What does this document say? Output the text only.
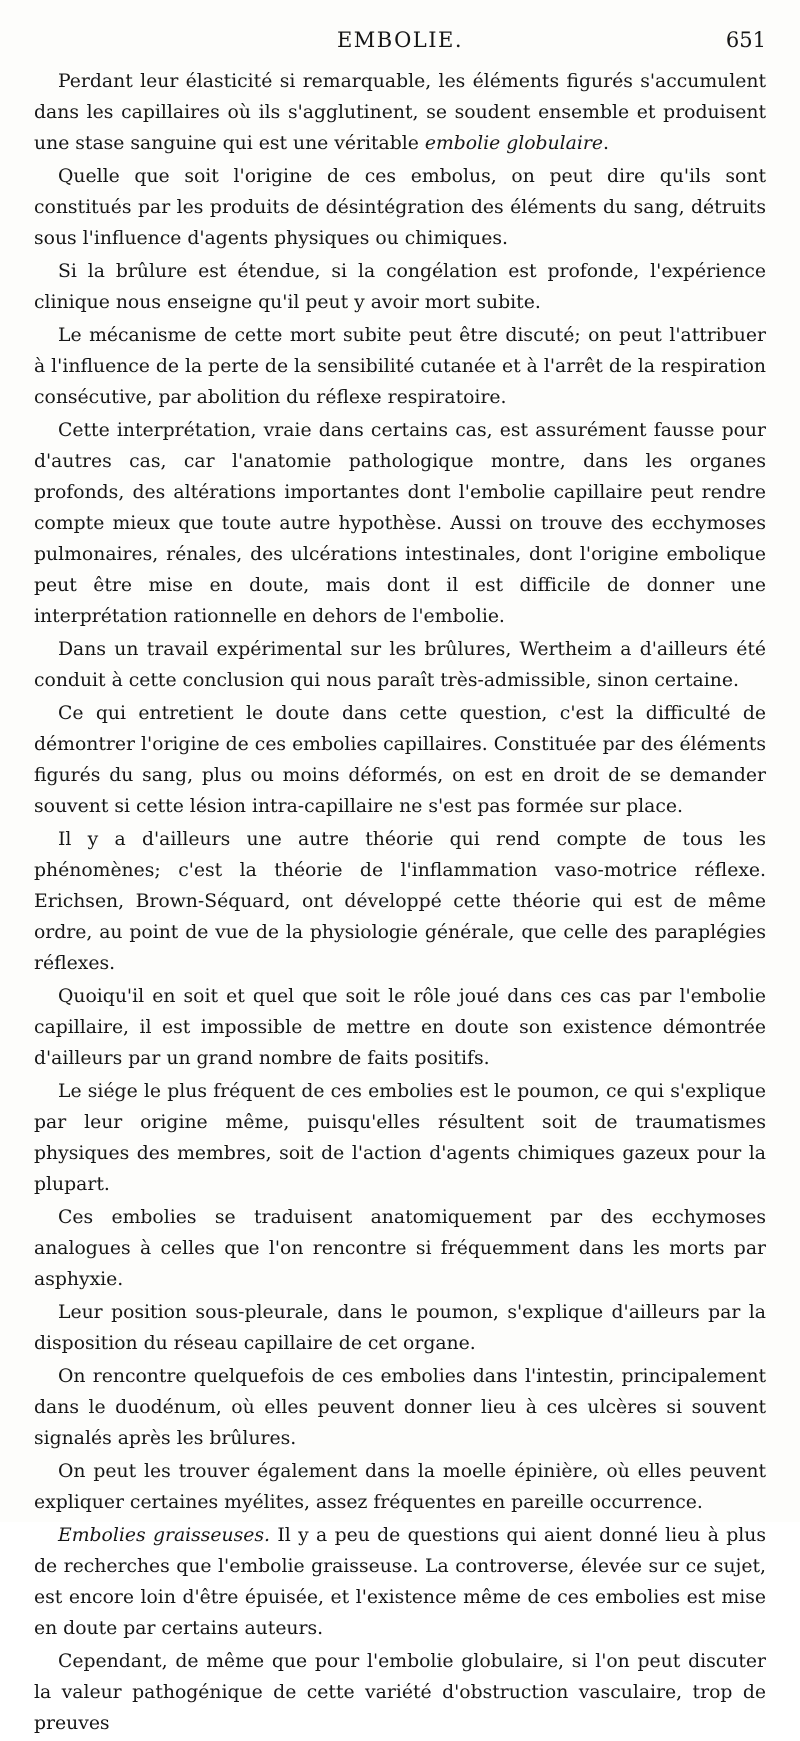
EMBOLIE.	651

Perdant leur élasticité si remarquable, les éléments figurés s'accumulent dans les capillaires où ils s'agglutinent, se soudent ensemble et produisent une stase sanguine qui est une véritable embolie globulaire.

Quelle que soit l'origine de ces embolus, on peut dire qu'ils sont constitués par les produits de désintégration des éléments du sang, détruits sous l'influence d'agents physiques ou chimiques.

Si la brûlure est étendue, si la congélation est profonde, l'expérience clinique nous enseigne qu'il peut y avoir mort subite.

Le mécanisme de cette mort subite peut être discuté; on peut l'attribuer à l'influence de la perte de la sensibilité cutanée et à l'arrêt de la respiration consécutive, par abolition du réflexe respiratoire.

Cette interprétation, vraie dans certains cas, est assurément fausse pour d'autres cas, car l'anatomie pathologique montre, dans les organes profonds, des altérations importantes dont l'embolie capillaire peut rendre compte mieux que toute autre hypothèse. Aussi on trouve des ecchymoses pulmonaires, rénales, des ulcérations intestinales, dont l'origine embolique peut être mise en doute, mais dont il est difficile de donner une interprétation rationnelle en dehors de l'embolie.

Dans un travail expérimental sur les brûlures, Wertheim a d'ailleurs été conduit à cette conclusion qui nous paraît très-admissible, sinon certaine.

Ce qui entretient le doute dans cette question, c'est la difficulté de démontrer l'origine de ces embolies capillaires. Constituée par des éléments figurés du sang, plus ou moins déformés, on est en droit de se demander souvent si cette lésion intra-capillaire ne s'est pas formée sur place.

Il y a d'ailleurs une autre théorie qui rend compte de tous les phénomènes; c'est la théorie de l'inflammation vaso-motrice réflexe. Erichsen, Brown-Séquard, ont développé cette théorie qui est de même ordre, au point de vue de la physiologie générale, que celle des paraplégies réflexes.

Quoiqu'il en soit et quel que soit le rôle joué dans ces cas par l'embolie capillaire, il est impossible de mettre en doute son existence démontrée d'ailleurs par un grand nombre de faits positifs.

Le siége le plus fréquent de ces embolies est le poumon, ce qui s'explique par leur origine même, puisqu'elles résultent soit de traumatismes physiques des membres, soit de l'action d'agents chimiques gazeux pour la plupart.

Ces embolies se traduisent anatomiquement par des ecchymoses analogues à celles que l'on rencontre si fréquemment dans les morts par asphyxie.

Leur position sous-pleurale, dans le poumon, s'explique d'ailleurs par la disposition du réseau capillaire de cet organe.

On rencontre quelquefois de ces embolies dans l'intestin, principalement dans le duodénum, où elles peuvent donner lieu à ces ulcères si souvent signalés après les brûlures.

On peut les trouver également dans la moelle épinière, où elles peuvent expliquer certaines myélites, assez fréquentes en pareille occurrence.

Embolies graisseuses. Il y a peu de questions qui aient donné lieu à plus de recherches que l'embolie graisseuse. La controverse, élevée sur ce sujet, est encore loin d'être épuisée, et l'existence même de ces embolies est mise en doute par certains auteurs.

Cependant, de même que pour l'embolie globulaire, si l'on peut discuter la valeur pathogénique de cette variété d'obstruction vasculaire, trop de preuves
